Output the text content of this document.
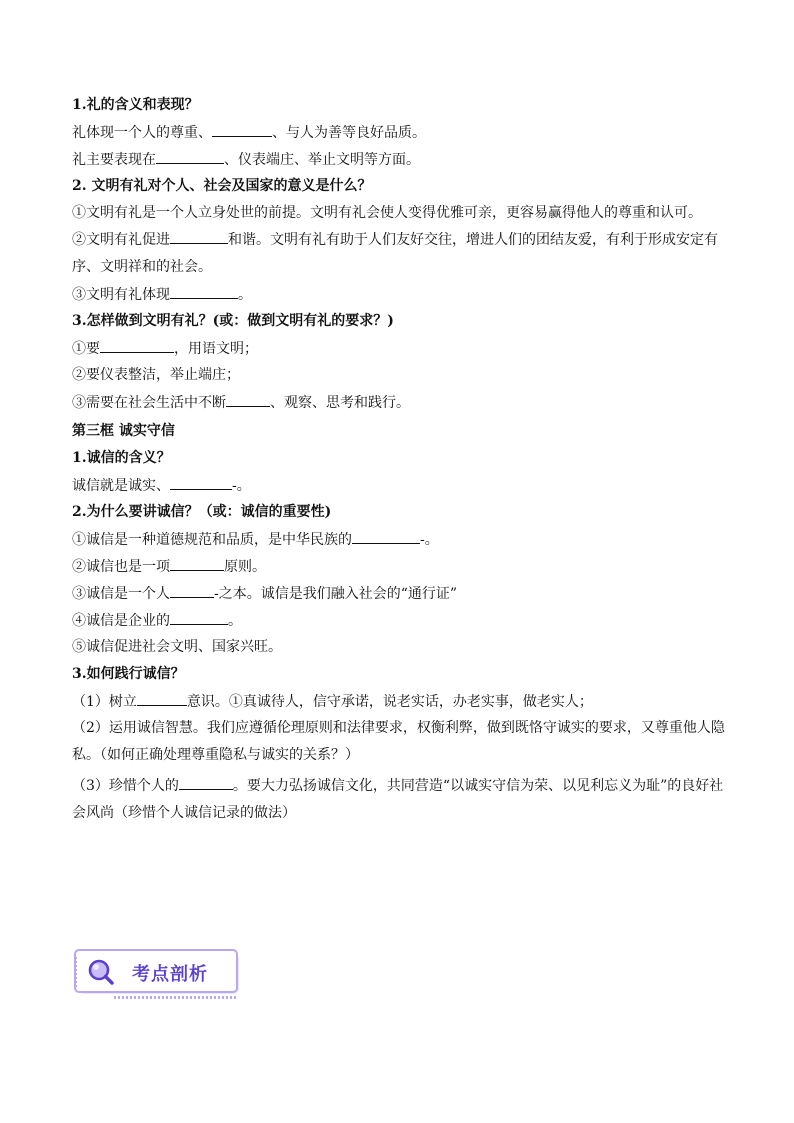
1.礼的含义和表现？
礼体现一个人的尊重、	、与人为善等良好品质。
礼主要表现在	、仪表端庄、举止文明等方面。
2. 文明有礼对个人、社会及国家的意义是什么？
①文明有礼是一个人立身处世的前提。文明有礼会使人变得优雅可亲，更容易赢得他人的尊重和认可。
②文明有礼促进	和谐。文明有礼有助于人们友好交往，增进人们的团结友爱，有利于形成安定有序、文明祥和的社会。
③文明有礼体现	。
3.怎样做到文明有礼？(或：做到文明有礼的要求？)
①要	，用语文明；
②要仪表整洁，举止端庄；
③需要在社会生活中不断	、观察、思考和践行。
第三框 诚实守信
1.诚信的含义？
诚信就是诚实、	-。
2.为什么要讲诚信？（或：诚信的重要性)
①诚信是一种道德规范和品质，是中华民族的	-。
②诚信也是一项	原则。
③诚信是一个人	-之本。诚信是我们融入社会的“通行证”
④诚信是企业的	。
⑤诚信促进社会文明、国家兴旺。
3.如何践行诚信？
（1）树立	意识。①真诚待人，信守承诺，说老实话，办老实事，做老实人；
（2）运用诚信智慧。我们应遵循伦理原则和法律要求，权衡利弊，做到既恪守诚实的要求，又尊重他人隐私。（如何正确处理尊重隐私与诚实的关系？）
（3）珍惜个人的	。要大力弘扬诚信文化，共同营造“以诚实守信为荣、以见利忘义为耻”的良好社会风尚（珍惜个人诚信记录的做法）
考点剖析
